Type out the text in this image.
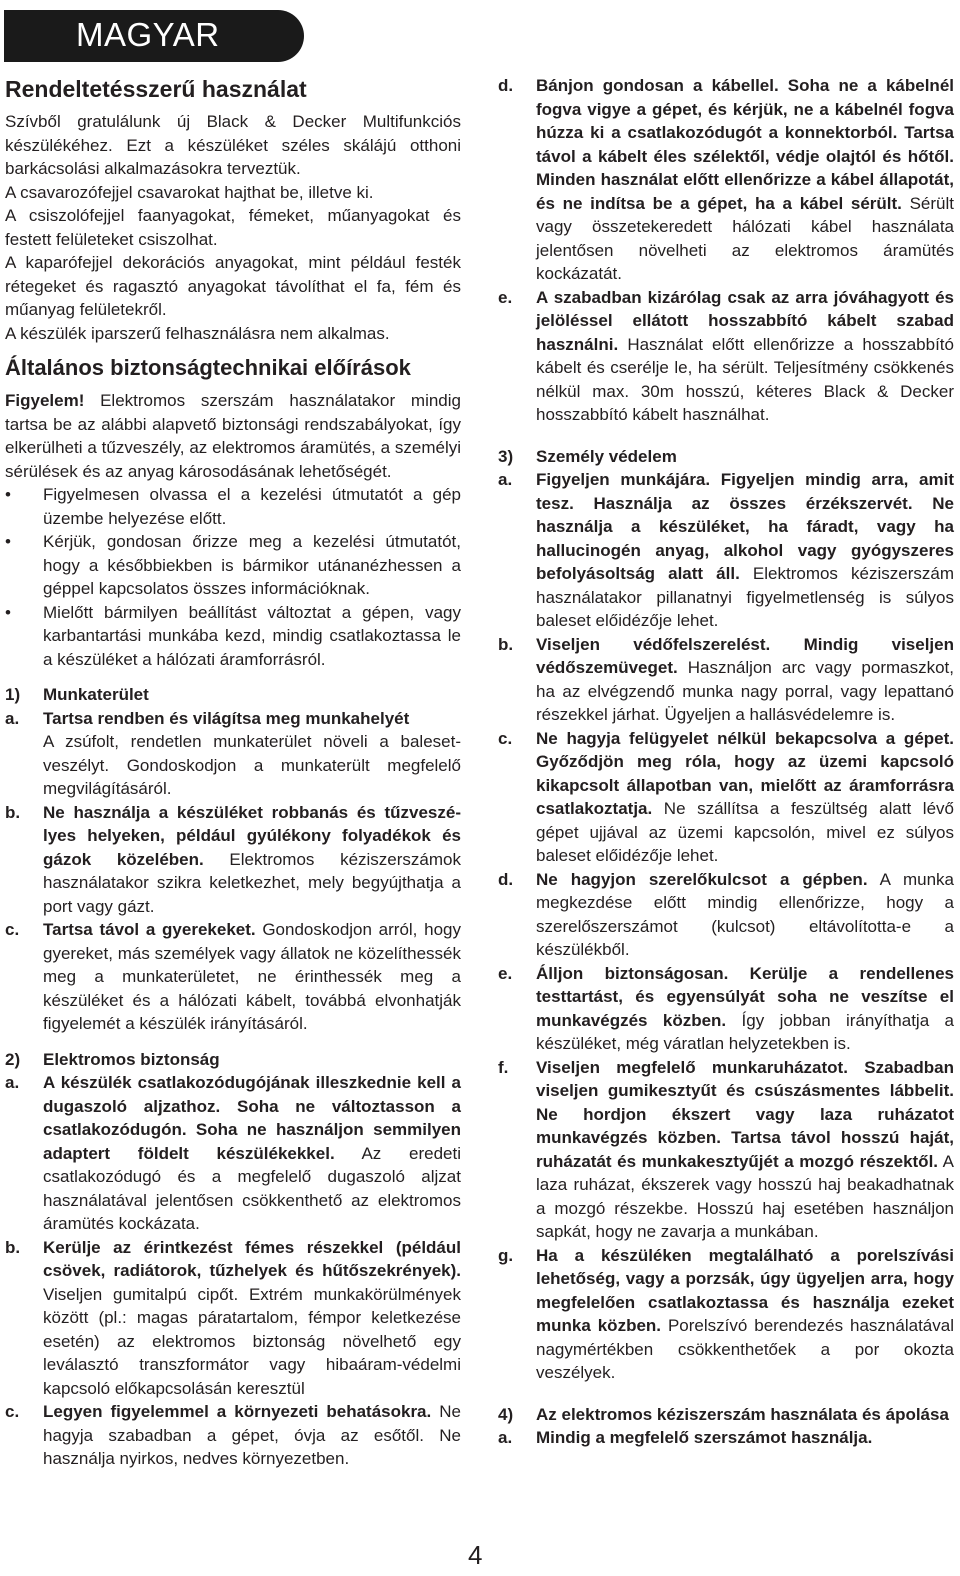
MAGYAR
Rendeltetésszerű használat

Szívből gratulálunk új Black & Decker Multifunkciós készülékéhez. Ezt a készüléket széles skálájú otthoni barkácsolási alkalmazásokra terveztük.

A csavarozófejjel csavarokat hajthat be, illetve ki.

A csiszolófejjel faanyagokat, fémeket, műanyagokat és festett felületeket csiszolhat.

A kaparófejjel dekorációs anyagokat, mint például festék rétegeket és ragasztó anyagokat távolíthat el fa, fém és műanyag felületekről.

A készülék iparszerű felhasználásra nem alkalmas.

Általános biztonságtechnikai előírások

Figyelem! Elektromos szerszám használatakor mindig tartsa be az alábbi alapvető biztonsági rendszabályokat, így elkerülheti a tűzveszély, az elektromos áramütés, a személyi sérülések és az anyag károsodásának lehetőségét.

•	Figyelmesen olvassa el a kezelési útmutatót a gép üzembe helyezése előtt.
•	Kérjük, gondosan őrizze meg a kezelési útmutatót, hogy a későbbiekben is bármikor utánanézhessen a géppel kapcsolatos összes információknak.
•	Mielőtt bármilyen beállítást változtat a gépen, vagy karbantartási munkába kezd, mindig csatlakoztassa le a készüléket a hálózati áramforrásról.
1)	Munkaterület
a.	Tartsa rendben és világítsa meg munkahelyét
A zsúfolt, rendetlen munkaterület növeli a baleset-veszélyt. Gondoskodjon a munkaterült megfelelő megvilágításáról.
b.	Ne használja a készüléket robbanás és tűzveszé-lyes helyeken, például gyúlékony folyadékok és gázok közelében. Elektromos kéziszerszámok használatakor szikra keletkezhet, mely begyújthatja a port vagy gázt.
c.	Tartsa távol a gyerekeket. Gondoskodjon arról, hogy gyereket, más személyek vagy állatok ne közelíthessék meg a munkaterületet, ne érinthessék meg a készüléket és a hálózati kábelt, továbbá elvonhatják figyelemét a készülék irányításáról.
2)	Elektromos biztonság
a.	A készülék csatlakozódugójának illeszkednie kell a dugaszoló aljzathoz. Soha ne változtasson a csatlakozódugón. Soha ne használjon semmilyen adaptert földelt készülékekkel. Az eredeti csatlakozódugó és a megfelelő dugaszoló aljzat használatával jelentősen csökkenthető az elektromos áramütés kockázata.
b.	Kerülje az érintkezést fémes részekkel (például csövek, radiátorok, tűzhelyek és hűtőszekrények). Viseljen gumitalpú cipőt. Extrém munkakörülmények között (pl.: magas páratartalom, fémpor keletkezése esetén) az elektromos biztonság növelhető egy leválasztó transzformátor vagy hibaáram-védelmi kapcsoló előkapcsolásán keresztül
c.	Legyen figyelemmel a környezeti behatásokra. Ne hagyja szabadban a gépet, óvja az esőtől. Ne használja nyirkos, nedves környezetben.
d.	Bánjon gondosan a kábellel. Soha ne a kábelnél fogva vigye a gépet, és kérjük, ne a kábelnél fogva húzza ki a csatlakozódugót a konnektorból. Tartsa távol a kábelt éles szélektől, védje olajtól és hőtől. Minden használat előtt ellenőrizze a kábel állapotát, és ne indítsa be a gépet, ha a kábel sérült. Sérült vagy összetekeredett hálózati kábel használata jelentősen növelheti az elektromos áramütés kockázatát.
e.	A szabadban kizárólag csak az arra jóváhagyott és jelöléssel ellátott hosszabbító kábelt szabad használni. Használat előtt ellenőrizze a hosszabbító kábelt és cserélje le, ha sérült. Teljesítmény csökkenés nélkül max. 30m hosszú, kéteres Black & Decker hosszabbító kábelt használhat.
3)	Személy védelem
a.	Figyeljen munkájára. Figyeljen mindig arra, amit tesz. Használja az összes érzékszervét. Ne használja a készüléket, ha fáradt, vagy ha hallucinogén anyag, alkohol vagy gyógyszeres befolyásoltság alatt áll. Elektromos kéziszerszám használatakor pillanatnyi figyelmetlenség is súlyos baleset előidézője lehet.
b.	Viseljen védőfelszerelést. Mindig viseljen védőszemüveget. Használjon arc vagy pormaszkot, ha az elvégzendő munka nagy porral, vagy lepattanó részekkel járhat. Ügyeljen a hallásvédelemre is.
c.	Ne hagyja felügyelet nélkül bekapcsolva a gépet. Győződjön meg róla, hogy az üzemi kapcsoló kikapcsolt állapotban van, mielőtt az áramforrásra csatlakoztatja. Ne szállítsa a feszültség alatt lévő gépet ujjával az üzemi kapcsolón, mivel ez súlyos baleset előidézője lehet.
d.	Ne hagyjon szerelőkulcsot a gépben. A munka megkezdése előtt mindig ellenőrizze, hogy a szerelőszerszámot (kulcsot) eltávolította-e a készülékből.
e.	Álljon biztonságosan. Kerülje a rendellenes testtartást, és egyensúlyát soha ne veszítse el munkavégzés közben. Így jobban irányíthatja a készüléket, még váratlan helyzetekben is.
f.	Viseljen megfelelő munkaruházatot. Szabadban viseljen gumikesztyűt és csúszásmentes lábbelit. Ne hordjon ékszert vagy laza ruházatot munkavégzés közben. Tartsa távol hosszú haját, ruházatát és munkakesztyűjét a mozgó részektől. A laza ruházat, ékszerek vagy hosszú haj beakadhatnak a mozgó részekbe. Hosszú haj esetében használjon sapkát, hogy ne zavarja a munkában.
g.	Ha a készüléken megtalálható a porelszívási lehetőség, vagy a porzsák, úgy ügyeljen arra, hogy megfelelően csatlakoztassa és használja ezeket munka közben. Porelszívó berendezés használatával nagymértékben csökkenthetőek a por okozta veszélyek.
4)	Az elektromos kéziszerszám használata és ápolása
a.	Mindig a megfelelő szerszámot használja.
4
